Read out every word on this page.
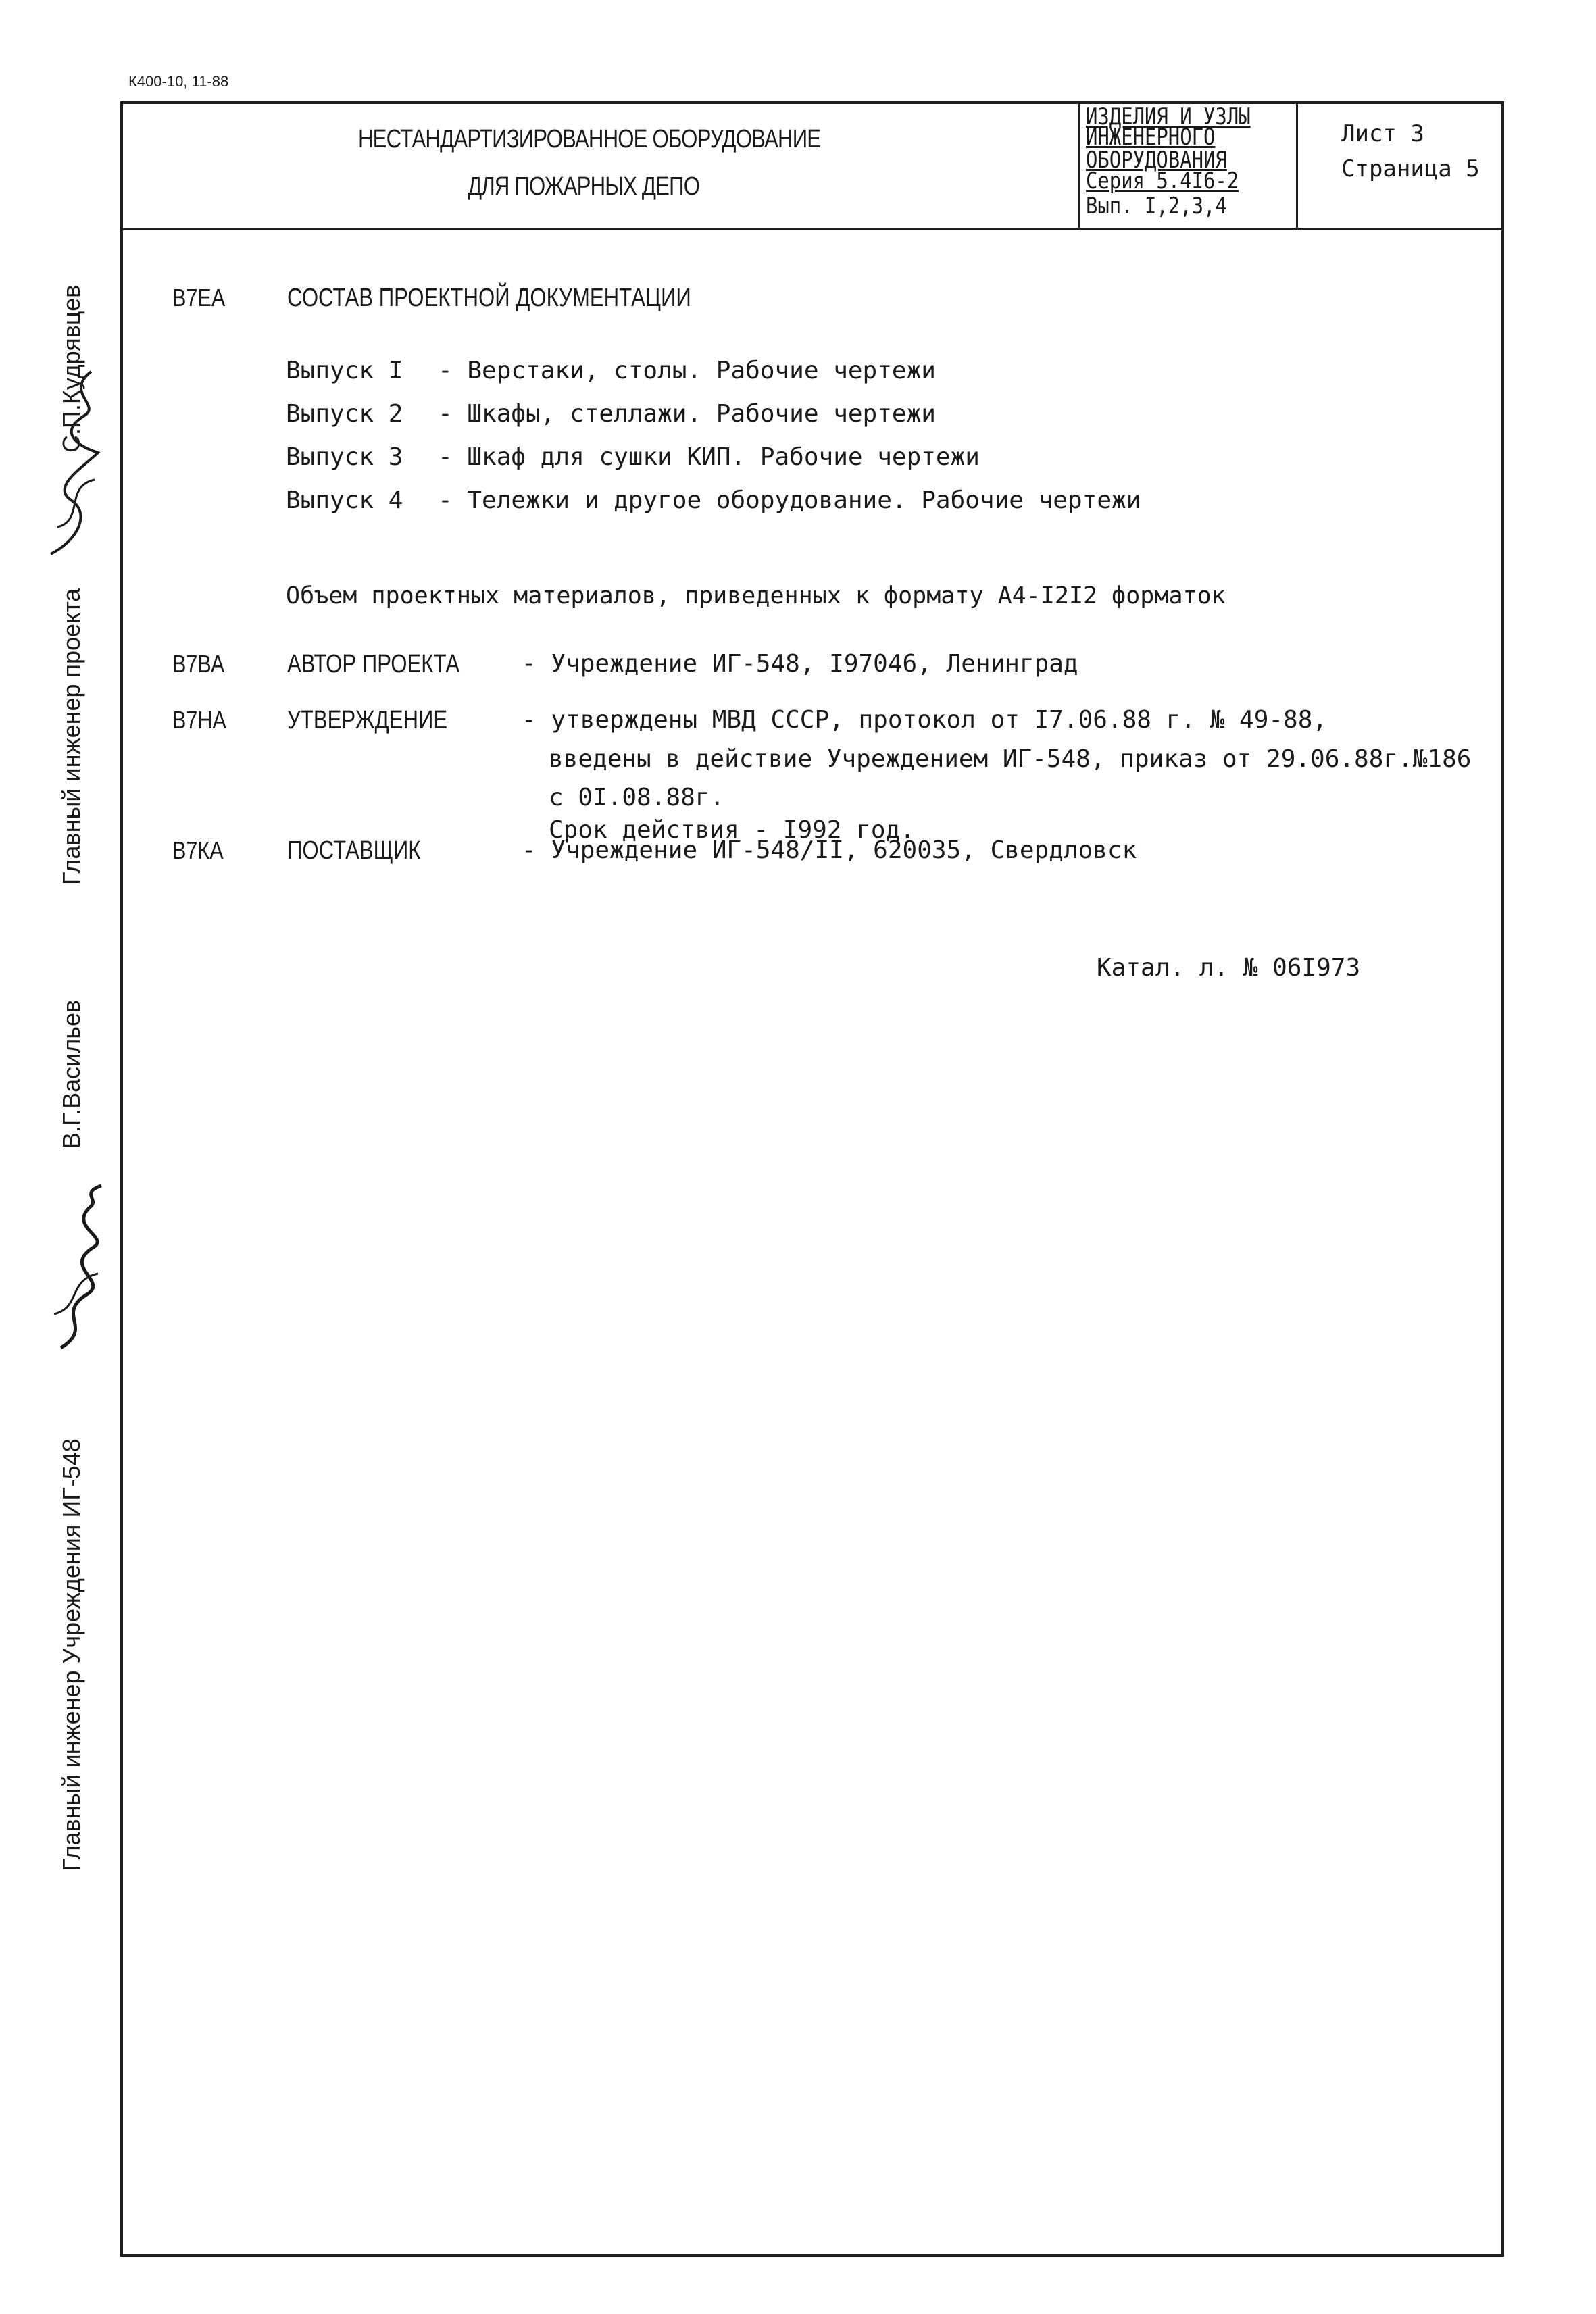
К400-10, 11-88
НЕСТАНДАРТИЗИРОВАННОЕ ОБОРУДОВАНИЕ
ДЛЯ ПОЖАРНЫХ ДЕПО
ИЗДЕЛИЯ И УЗЛЫ
ИНЖЕНЕРНОГО
ОБОРУДОВАНИЯ
Серия 5.4I6-2
Вып. I,2,3,4
Лист 3
Страница 5
В7ЕА СОСТАВ ПРОЕКТНОЙ ДОКУМЕНТАЦИИ
Выпуск I - Верстаки, столы. Рабочие чертежи
Выпуск 2 - Шкафы, стеллажи. Рабочие чертежи
Выпуск 3 - Шкаф для сушки КИП. Рабочие чертежи
Выпуск 4 - Тележки и другое оборудование. Рабочие чертежи
Объем проектных материалов, приведенных к формату А4-I2I2 форматок
В7ВА АВТОР ПРОЕКТА	- Учреждение ИГ-548, I97046, Ленинград
В7НА УТВЕРЖДЕНИЕ	- утверждены МВД СССР, протокол от I7.06.88 г. № 49-88,
введены в действие Учреждением ИГ-548, приказ от 29.06.88г.№186
с 0I.08.88г.
Срок действия - I992 год.
В7КА ПОСТАВЩИК	- Учреждение ИГ-548/II, 620035, Свердловск
Катал. л. № 06I973
Главный инженер проекта
С.П.Кудрявцев
Главный инженер Учреждения ИГ-548
В.Г.Васильев
